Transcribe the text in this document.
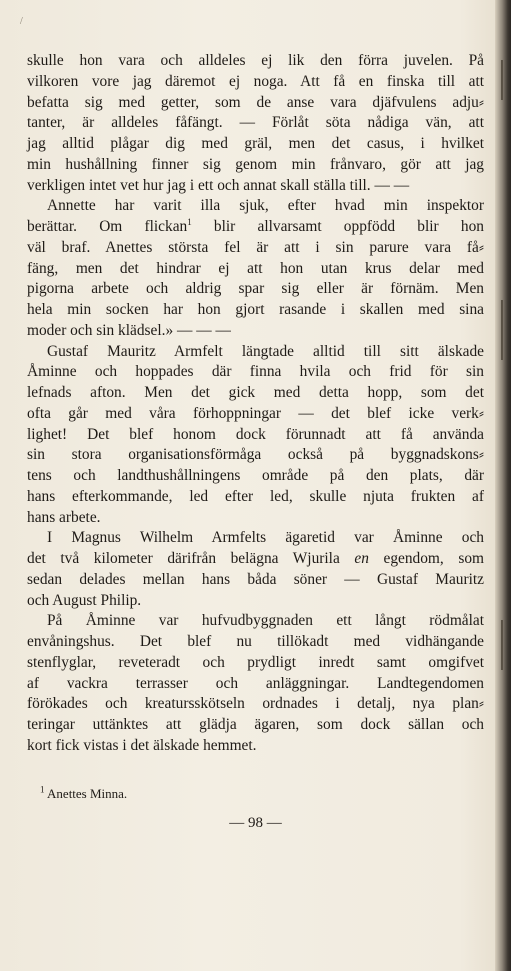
/
skulle hon vara och alldeles ej lik den förra juvelen. På
vilkoren vore jag däremot ej noga. Att få en finska till att
befatta sig med getter, som de anse vara djäfvulens adju⸗
tanter, är alldeles fåfängt. — Förlåt söta nådiga vän, att
jag alltid plågar dig med gräl, men det casus, i hvilket
min hushållning finner sig genom min frånvaro, gör att jag
verkligen intet vet hur jag i ett och annat skall ställa till. — —
Annette har varit illa sjuk, efter hvad min inspektor
berättar. Om flickan$^1$ blir allvarsamt oppfödd blir hon
väl braf. Anettes största fel är att i sin parure vara få⸗
fäng, men det hindrar ej att hon utan krus delar med
pigorna arbete och aldrig spar sig eller är förnäm. Men
hela min socken har hon gjort rasande i skallen med sina
moder och sin klädsel.» — — —
Gustaf Mauritz Armfelt längtade alltid till sitt älskade
Åminne och hoppades där finna hvila och frid för sin
lefnads afton. Men det gick med detta hopp, som det
ofta går med våra förhoppningar — det blef icke verk⸗
lighet! Det blef honom dock förunnadt att få använda
sin stora organisationsförmåga också på byggnadskons⸗
tens och landthushållningens område på den plats, där
hans efterkommande, led efter led, skulle njuta frukten af
hans arbete.
I Magnus Wilhelm Armfelts ägaretid var Åminne och
det två kilometer därifrån belägna Wjurila en egendom, som
sedan delades mellan hans båda söner — Gustaf Mauritz
och August Philip.
På Åminne var hufvudbyggnaden ett långt rödmålat
envåningshus. Det blef nu tillökadt med vidhängande
stenflyglar, reveteradt och prydligt inredt samt omgifvet
af vackra terrasser och anläggningar. Landtegendomen
förökades och kreatursskötseln ordnades i detalj, nya plan⸗
teringar uttänktes att glädja ägaren, som dock sällan och
kort fick vistas i det älskade hemmet.
$^1$ Anettes Minna.
— 98 —
